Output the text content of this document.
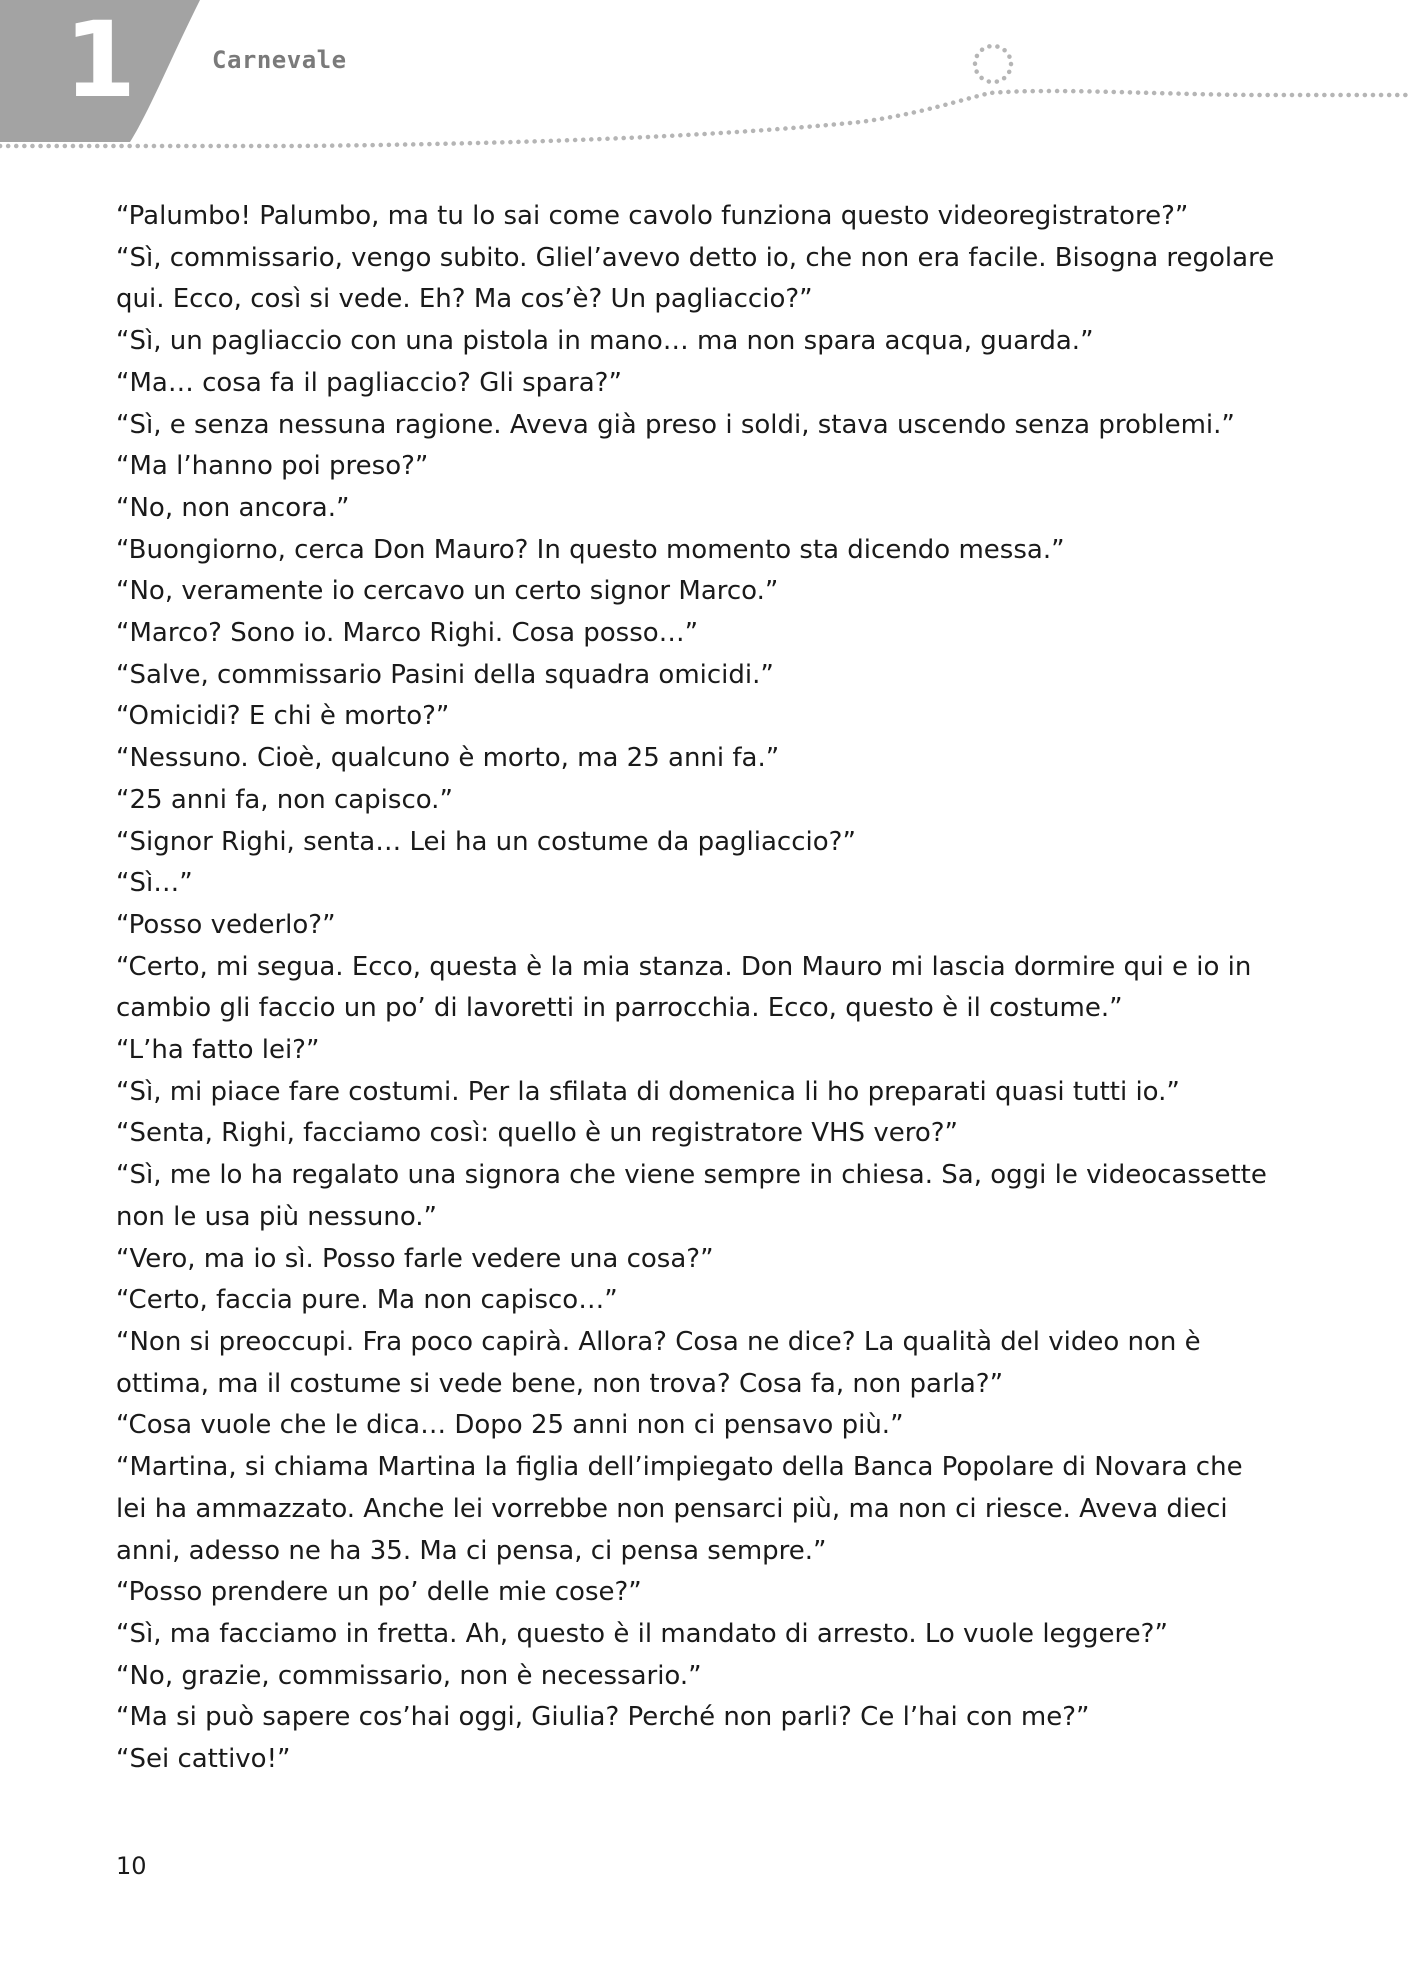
1	Carnevale

“Palumbo! Palumbo, ma tu lo sai come cavolo funziona questo videoregistratore?”

“Sì, commissario, vengo subito. Gliel’avevo detto io, che non era facile. Bisogna regolare qui. Ecco, così si vede. Eh? Ma cos’è? Un pagliaccio?”

“Sì, un pagliaccio con una pistola in mano… ma non spara acqua, guarda.”

“Ma… cosa fa il pagliaccio? Gli spara?”

“Sì, e senza nessuna ragione. Aveva già preso i soldi, stava uscendo senza problemi.”

“Ma l’hanno poi preso?”

“No, non ancora.”

“Buongiorno, cerca Don Mauro? In questo momento sta dicendo messa.”

“No, veramente io cercavo un certo signor Marco.”

“Marco? Sono io. Marco Righi. Cosa posso…”

“Salve, commissario Pasini della squadra omicidi.”

“Omicidi? E chi è morto?”

“Nessuno. Cioè, qualcuno è morto, ma 25 anni fa.”

“25 anni fa, non capisco.”

“Signor Righi, senta… Lei ha un costume da pagliaccio?”

“Sì…”

“Posso vederlo?”

“Certo, mi segua. Ecco, questa è la mia stanza. Don Mauro mi lascia dormire qui e io in cambio gli faccio un po’ di lavoretti in parrocchia. Ecco, questo è il costume.”

“L’ha fatto lei?”

“Sì, mi piace fare costumi. Per la sfilata di domenica li ho preparati quasi tutti io.”

“Senta, Righi, facciamo così: quello è un registratore VHS vero?”

“Sì, me lo ha regalato una signora che viene sempre in chiesa. Sa, oggi le videocassette non le usa più nessuno.”

“Vero, ma io sì. Posso farle vedere una cosa?”

“Certo, faccia pure. Ma non capisco…”

“Non si preoccupi. Fra poco capirà. Allora? Cosa ne dice? La qualità del video non è ottima, ma il costume si vede bene, non trova? Cosa fa, non parla?”

“Cosa vuole che le dica… Dopo 25 anni non ci pensavo più.”

“Martina, si chiama Martina la figlia dell’impiegato della Banca Popolare di Novara che lei ha ammazzato. Anche lei vorrebbe non pensarci più, ma non ci riesce. Aveva dieci anni, adesso ne ha 35. Ma ci pensa, ci pensa sempre.”

“Posso prendere un po’ delle mie cose?”

“Sì, ma facciamo in fretta. Ah, questo è il mandato di arresto. Lo vuole leggere?”

“No, grazie, commissario, non è necessario.”

“Ma si può sapere cos’hai oggi, Giulia? Perché non parli? Ce l’hai con me?”

“Sei cattivo!”

10
